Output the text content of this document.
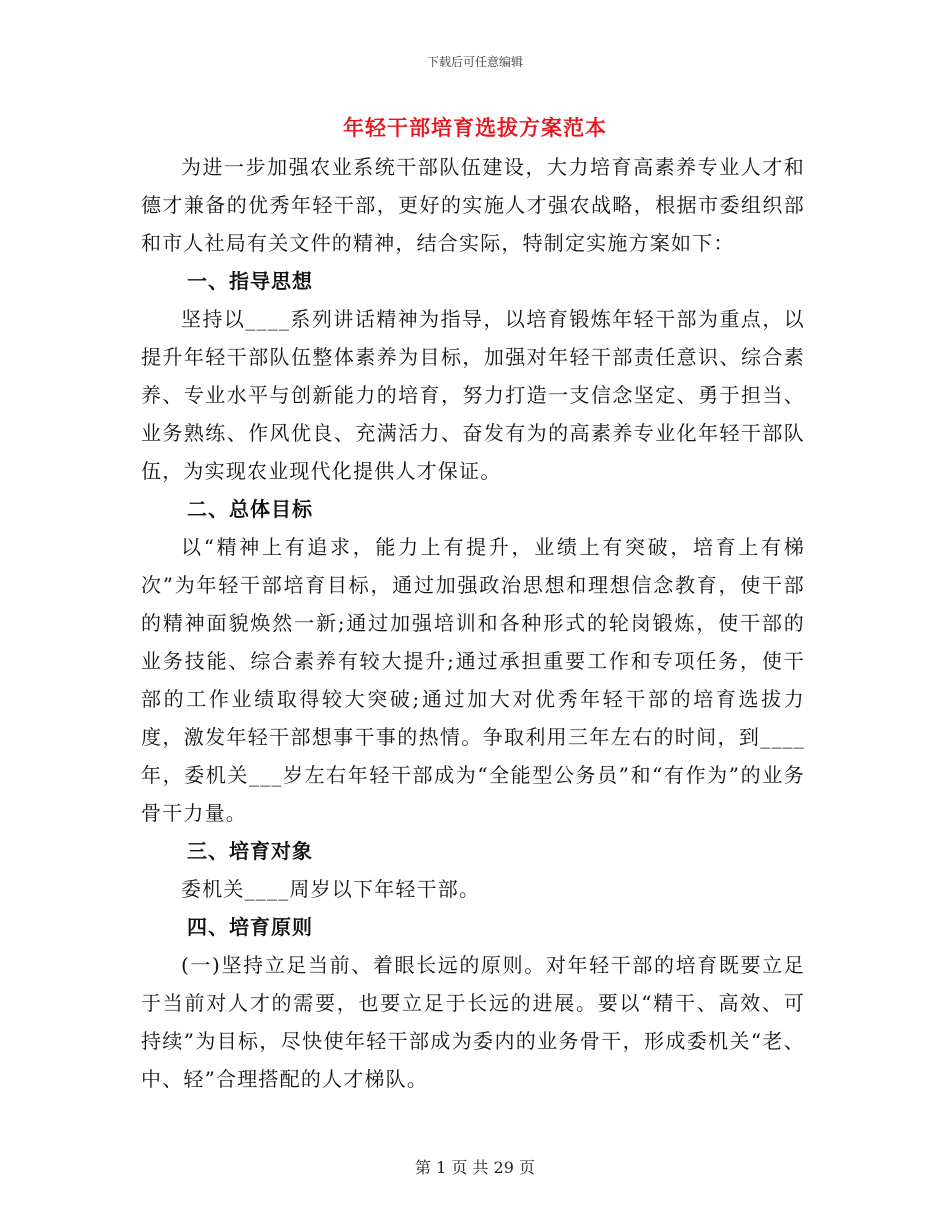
下载后可任意编辑
年轻干部培育选拔方案范本

为进一步加强农业系统干部队伍建设，大力培育高素养专业人才和德才兼备的优秀年轻干部，更好的实施人才强农战略，根据市委组织部和市人社局有关文件的精神，结合实际，特制定实施方案如下：

一、指导思想

坚持以____系列讲话精神为指导，以培育锻炼年轻干部为重点，以提升年轻干部队伍整体素养为目标，加强对年轻干部责任意识、综合素养、专业水平与创新能力的培育，努力打造一支信念坚定、勇于担当、业务熟练、作风优良、充满活力、奋发有为的高素养专业化年轻干部队伍，为实现农业现代化提供人才保证。

二、总体目标

以“精神上有追求，能力上有提升，业绩上有突破，培育上有梯次”为年轻干部培育目标，通过加强政治思想和理想信念教育，使干部的精神面貌焕然一新;通过加强培训和各种形式的轮岗锻炼，使干部的业务技能、综合素养有较大提升;通过承担重要工作和专项任务，使干部的工作业绩取得较大突破;通过加大对优秀年轻干部的培育选拔力度，激发年轻干部想事干事的热情。争取利用三年左右的时间，到____年，委机关___岁左右年轻干部成为“全能型公务员”和“有作为”的业务骨干力量。

三、培育对象

委机关____周岁以下年轻干部。

四、培育原则

(一)坚持立足当前、着眼长远的原则。对年轻干部的培育既要立足于当前对人才的需要，也要立足于长远的进展。要以“精干、高效、可持续”为目标，尽快使年轻干部成为委内的业务骨干，形成委机关“老、中、轻”合理搭配的人才梯队。

第 1 页 共 29 页
